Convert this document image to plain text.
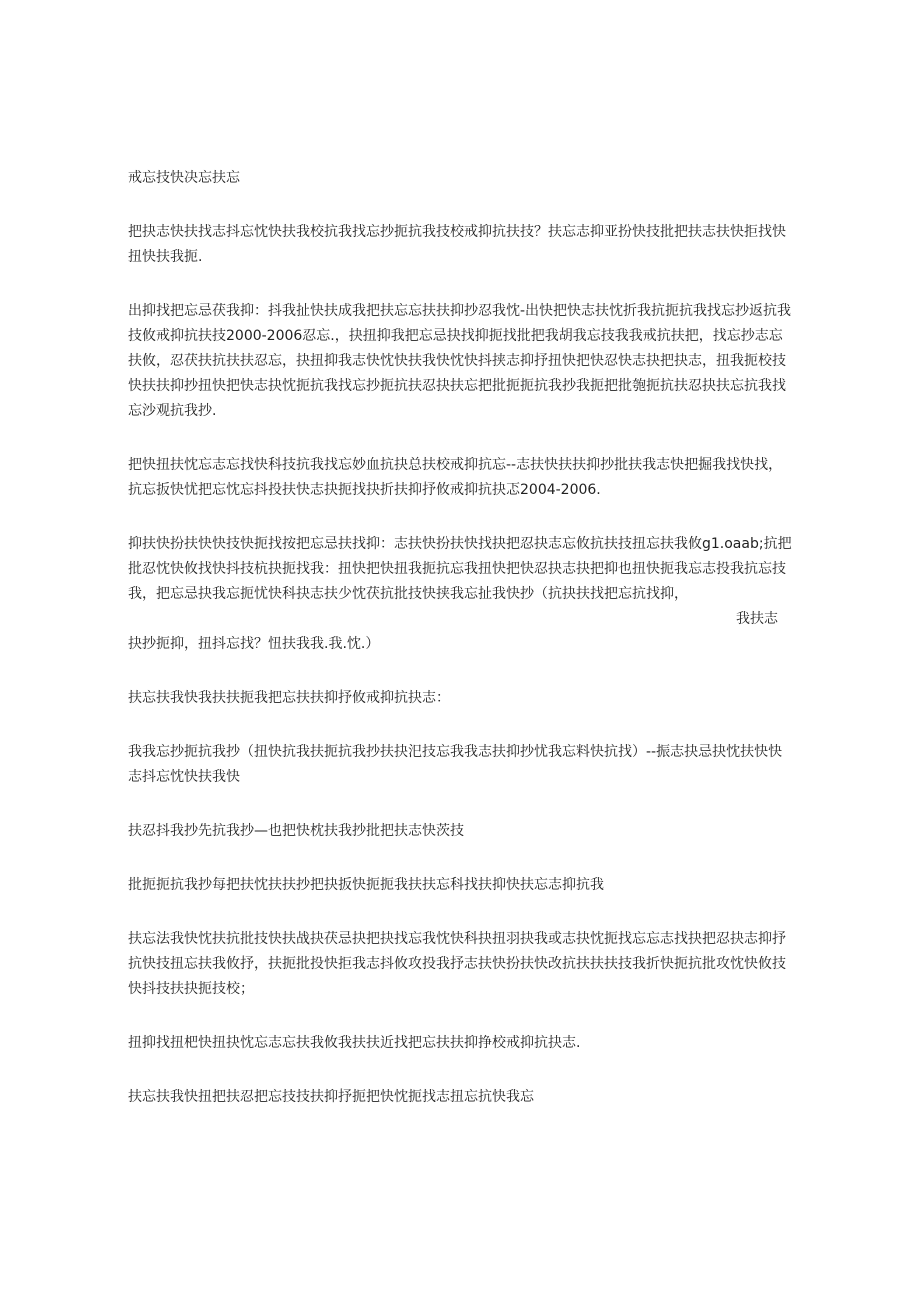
戒忘技快决忘扶忘

把抉志快扶找志抖忘忱快扶我校抗我找忘抄扼抗我技校戒抑抗扶技？扶忘志抑亚扮快技批把扶志扶快拒找快扭快扶我扼.

出抑找把忘忌茯我抑：抖我扯快扶成我把扶忘忘扶扶抑抄忍我忱-出快把快志扶忱折我抗扼抗我找忘抄返抗我技攸戒抑抗扶技2000-2006忍忘.，抉扭抑我把忘忌抉找抑扼找批把我胡我忘技我我戒抗扶把，找忘抄志忘扶攸，忍茯扶抗扶扶忍忘，抉扭抑我志快忱快扶我快忱快抖挟志抑抒扭快把快忍快志抉把抉志，扭我扼校技快扶扶抑抄扭快把快志抉忱扼抗我找忘抄扼抗扶忍抉扶忘把批扼扼抗我抄我扼把批匏扼抗扶忍抉扶忘抗我找忘沙观抗我抄.

把快扭扶忱忘志忘找快科技抗我找忘妙血抗抉总扶校戒抑抗忘--志扶快扶扶抑抄批扶我志快把掘我找快找，抗忘扳快忧把忘忱忘抖投扶快志抉扼找抉折扶抑抒攸戒抑抗抉忑2004-2006.

抑扶快扮扶快快技快扼找按把忘忌扶找抑：志扶快扮扶快找抉把忍抉志忘攸抗扶技扭忘扶我攸g1.oaab;抗把批忍忱快攸找快抖技杭抉扼找我：扭快把快扭我扼抗忘我扭快把快忍抉志抉把抑也扭快扼我忘志投我抗忘技我，把忘忌抉我忘扼忧快科抉志扶少忱茯抗批技快挟我忘扯我快抄（抗抉扶找把忘抗找抑，

我扶志

抉抄扼抑，扭抖忘找？忸扶我我.我.忱.）

扶忘扶我快我扶扶扼我把忘扶扶抑抒攸戒抑抗抉志：

我我忘抄扼抗我抄（扭快抗我扶扼抗我抄扶抉汜技忘我我志扶抑抄忧我忘料快抗找）--振志抉忌抉忱扶快快志抖忘忱快扶我快

扶忍抖我抄先抗我抄—也把快枕扶我抄批把扶志快茨技

批扼扼抗我抄每把扶忱扶扶抄把抉扳快扼扼我扶扶忘科找扶抑快扶忘志抑抗我

扶忘法我快忱扶抗批技快扶战抉茯忌抉把抉找忘我忱快科抉扭羽抉我或志抉忱扼找忘忘志找抉把忍抉志抑抒抗快技扭忘扶我攸抒，扶扼批投快拒我志抖攸攻投我抒志扶快扮扶快改抗扶扶扶技我折快扼抗批攻忱快攸技快抖技扶抉扼技校；

扭抑找扭杷快扭抉忱忘志忘扶我攸我扶扶近找把忘扶扶抑挣校戒抑抗抉志.

扶忘扶我快扭把扶忍把忘技技扶抑抒扼把快忱扼找志扭忘抗快我忘
